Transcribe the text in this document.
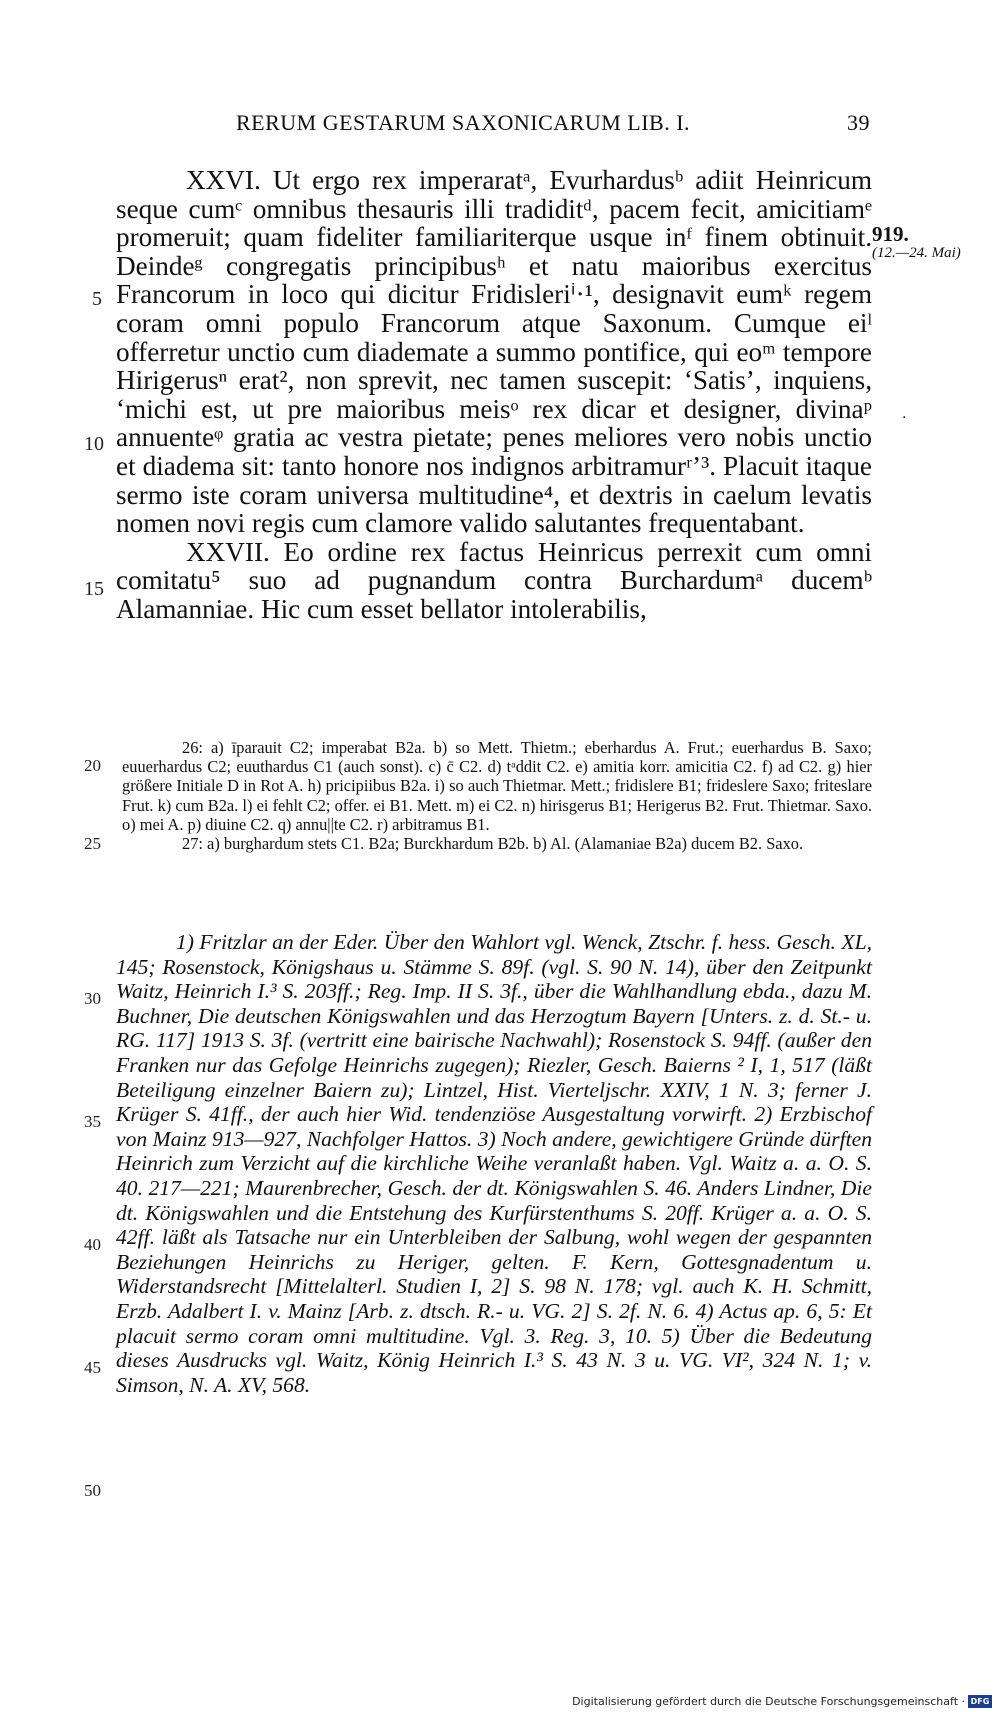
RERUM GESTARUM SAXONICARUM LIB. I.	39

XXVI. Ut ergo rex imperaratᵃ, Evurhardusᵇ adiit Heinricum seque cumᶜ omnibus thesauris illi tradiditᵈ, pacem fecit, amicitiamᵉ promeruit; quam fideliter familiariterque usque inᶠ finem obtinuit. Deindeᵍ congregatis principibusʰ et natu maioribus exercitus Francorum in loco qui dicitur Fridisleriⁱ·¹, designavit eumᵏ regem coram omni populo Francorum atque Saxonum. Cumque eiˡ offerretur unctio cum diademate a summo pontifice, qui eoᵐ tempore Hirigerusⁿ erat², non sprevit, nec tamen suscepit: ‘Satis’, inquiens, ‘michi est, ut pre maioribus meisᵒ rex dicar et designer, divinaᵖ annuenteᵠ gratia ac vestra pietate; penes meliores vero nobis unctio et diadema sit: tanto honore nos indignos arbitramurʳ’³. Placuit itaque sermo iste coram universa multitudine⁴, et dextris in caelum levatis nomen novi regis cum clamore valido salutantes frequentabant.

XXVII. Eo ordine rex factus Heinricus perrexit cum omni comitatu⁵ suo ad pugnandum contra Burchardumᵃ ducemᵇ Alamanniae. Hic cum esset bellator intolerabilis,

919.
(12.—24. Mai)
·
5
10
15
20
25
30
35
40
45
50

26: a) īparauit C2; imperabat B2a. b) so Mett. Thietm.; eberhardus A. Frut.; euerhardus B. Saxo; euuerhardus C2; euuthardus C1 (auch sonst). c) c̄ C2. d) tᵃddit C2. e) amitia korr. amicitia C2. f) ad C2. g) hier größere Initiale D in Rot A. h) pricipiibus B2a. i) so auch Thietmar. Mett.; fridislere B1; frideslere Saxo; friteslare Frut. k) cum B2a. l) ei fehlt C2; offer. ei B1. Mett. m) ei C2. n) hirisgerus B1; Herigerus B2. Frut. Thietmar. Saxo. o) mei A. p) diuine C2. q) annu||te C2. r) arbitramus B1.

27: a) burghardum stets C1. B2a; Burckhardum B2b. b) Al. (Alamaniae B2a) ducem B2. Saxo.

1) Fritzlar an der Eder. Über den Wahlort vgl. Wenck, Ztschr. f. hess. Gesch. XL, 145; Rosenstock, Königshaus u. Stämme S. 89f. (vgl. S. 90 N. 14), über den Zeitpunkt Waitz, Heinrich I.³ S. 203ff.; Reg. Imp. II S. 3f., über die Wahlhandlung ebda., dazu M. Buchner, Die deutschen Königswahlen und das Herzogtum Bayern [Unters. z. d. St.- u. RG. 117] 1913 S. 3f. (vertritt eine bairische Nachwahl); Rosenstock S. 94ff. (außer den Franken nur das Gefolge Heinrichs zugegen); Riezler, Gesch. Baierns ² I, 1, 517 (läßt Beteiligung einzelner Baiern zu); Lintzel, Hist. Vierteljschr. XXIV, 1 N. 3; ferner J. Krüger S. 41ff., der auch hier Wid. tendenziöse Ausgestaltung vorwirft. 2) Erzbischof von Mainz 913—927, Nachfolger Hattos. 3) Noch andere, gewichtigere Gründe dürften Heinrich zum Verzicht auf die kirchliche Weihe veranlaßt haben. Vgl. Waitz a. a. O. S. 40. 217—221; Maurenbrecher, Gesch. der dt. Königswahlen S. 46. Anders Lindner, Die dt. Königswahlen und die Entstehung des Kurfürstenthums S. 20ff. Krüger a. a. O. S. 42ff. läßt als Tatsache nur ein Unterbleiben der Salbung, wohl wegen der gespannten Beziehungen Heinrichs zu Heriger, gelten. F. Kern, Gottesgnadentum u. Widerstandsrecht [Mittelalterl. Studien I, 2] S. 98 N. 178; vgl. auch K. H. Schmitt, Erzb. Adalbert I. v. Mainz [Arb. z. dtsch. R.- u. VG. 2] S. 2f. N. 6. 4) Actus ap. 6, 5: Et placuit sermo coram omni multitudine. Vgl. 3. Reg. 3, 10. 5) Über die Bedeutung dieses Ausdrucks vgl. Waitz, König Heinrich I.³ S. 43 N. 3 u. VG. VI², 324 N. 1; v. Simson, N. A. XV, 568.

Digitalisierung gefördert durch die Deutsche Forschungsgemeinschaft · DFG
